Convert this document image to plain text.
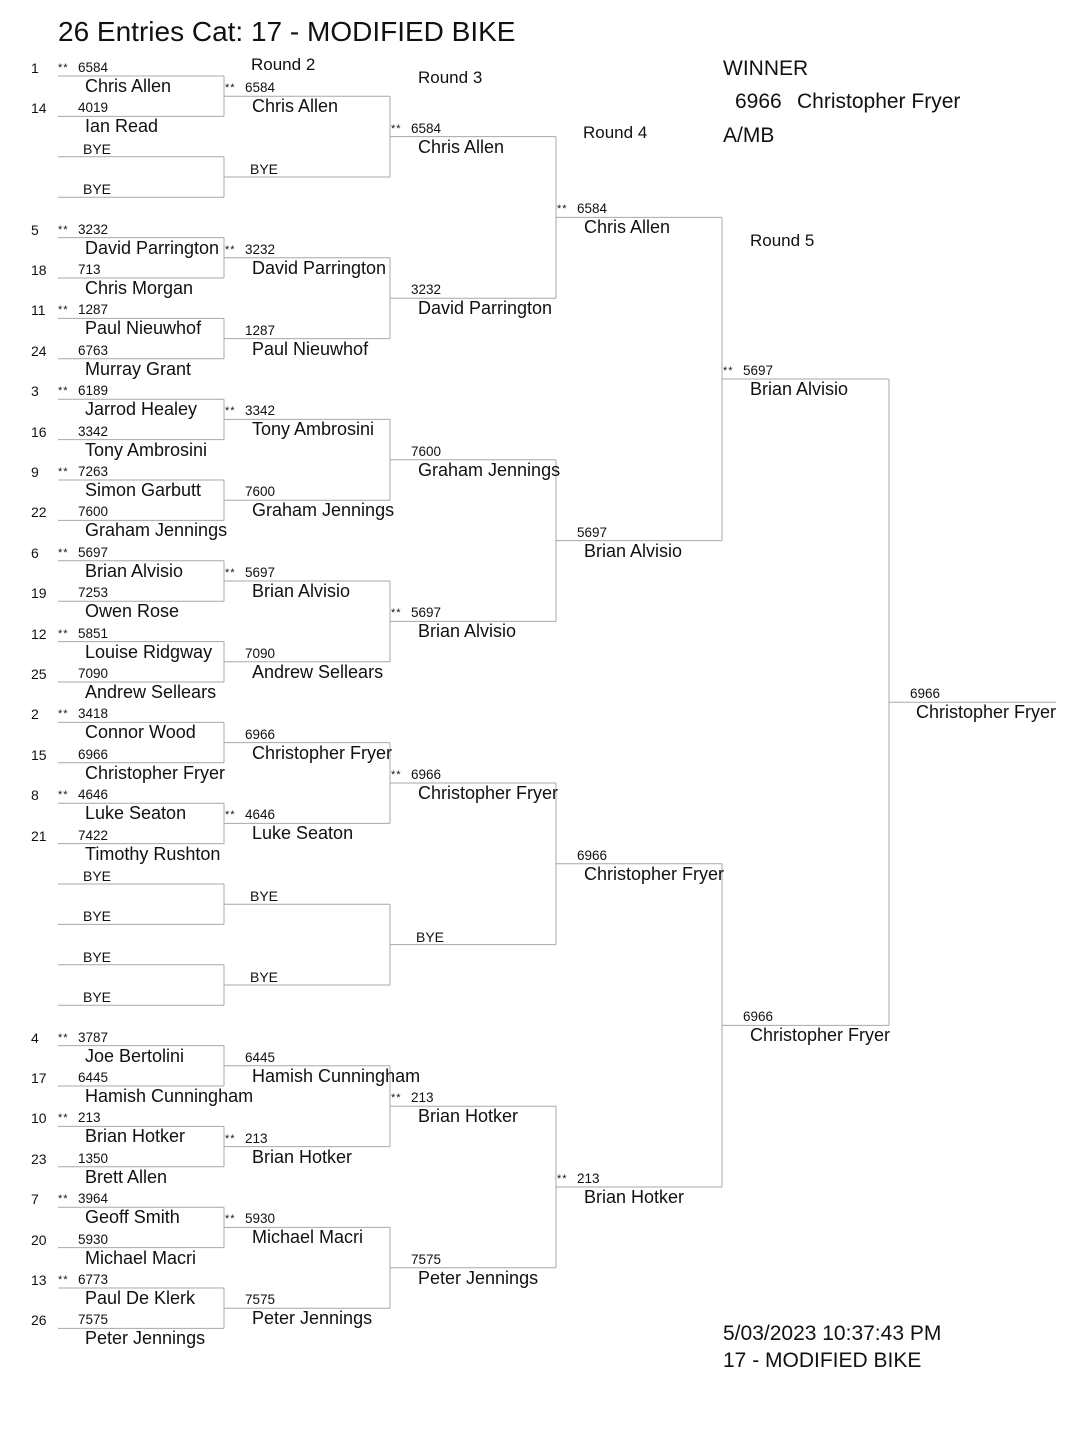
26 Entries Cat: 17 - MODIFIED BIKE
Round 2
Round 3
Round 4
Round 5
WINNER
6966 Christopher Fryer
A/MB
5/03/2023 10:37:43 PM
17 - MODIFIED BIKE
1 ** 6584
Chris Allen
14 4019
Ian Read
BYE
BYE
5 ** 3232
David Parrington
18 713
Chris Morgan
11 ** 1287
Paul Nieuwhof
24 6763
Murray Grant
3 ** 6189
Jarrod Healey
16 3342
Tony Ambrosini
9 ** 7263
Simon Garbutt
22 7600
Graham Jennings
6 ** 5697
Brian Alvisio
19 7253
Owen Rose
12 ** 5851
Louise Ridgway
25 7090
Andrew Sellears
2 ** 3418
Connor Wood
15 6966
Christopher Fryer
8 ** 4646
Luke Seaton
21 7422
Timothy Rushton
BYE
BYE
BYE
BYE
4 ** 3787
Joe Bertolini
17 6445
Hamish Cunningham
10 ** 213
Brian Hotker
23 1350
Brett Allen
7 ** 3964
Geoff Smith
20 5930
Michael Macri
13 ** 6773
Paul De Klerk
26 7575
Peter Jennings
** 6584
Chris Allen
BYE
** 3232
David Parrington
1287
Paul Nieuwhof
** 3342
Tony Ambrosini
7600
Graham Jennings
** 5697
Brian Alvisio
7090
Andrew Sellears
6966
Christopher Fryer
** 4646
Luke Seaton
BYE
BYE
6445
Hamish Cunningham
** 213
Brian Hotker
** 5930
Michael Macri
7575
Peter Jennings
** 6584
Chris Allen
3232
David Parrington
7600
Graham Jennings
** 5697
Brian Alvisio
** 6966
Christopher Fryer
BYE
** 213
Brian Hotker
7575
Peter Jennings
** 6584
Chris Allen
5697
Brian Alvisio
6966
Christopher Fryer
** 213
Brian Hotker
** 5697
Brian Alvisio
6966
Christopher Fryer
6966
Christopher Fryer
